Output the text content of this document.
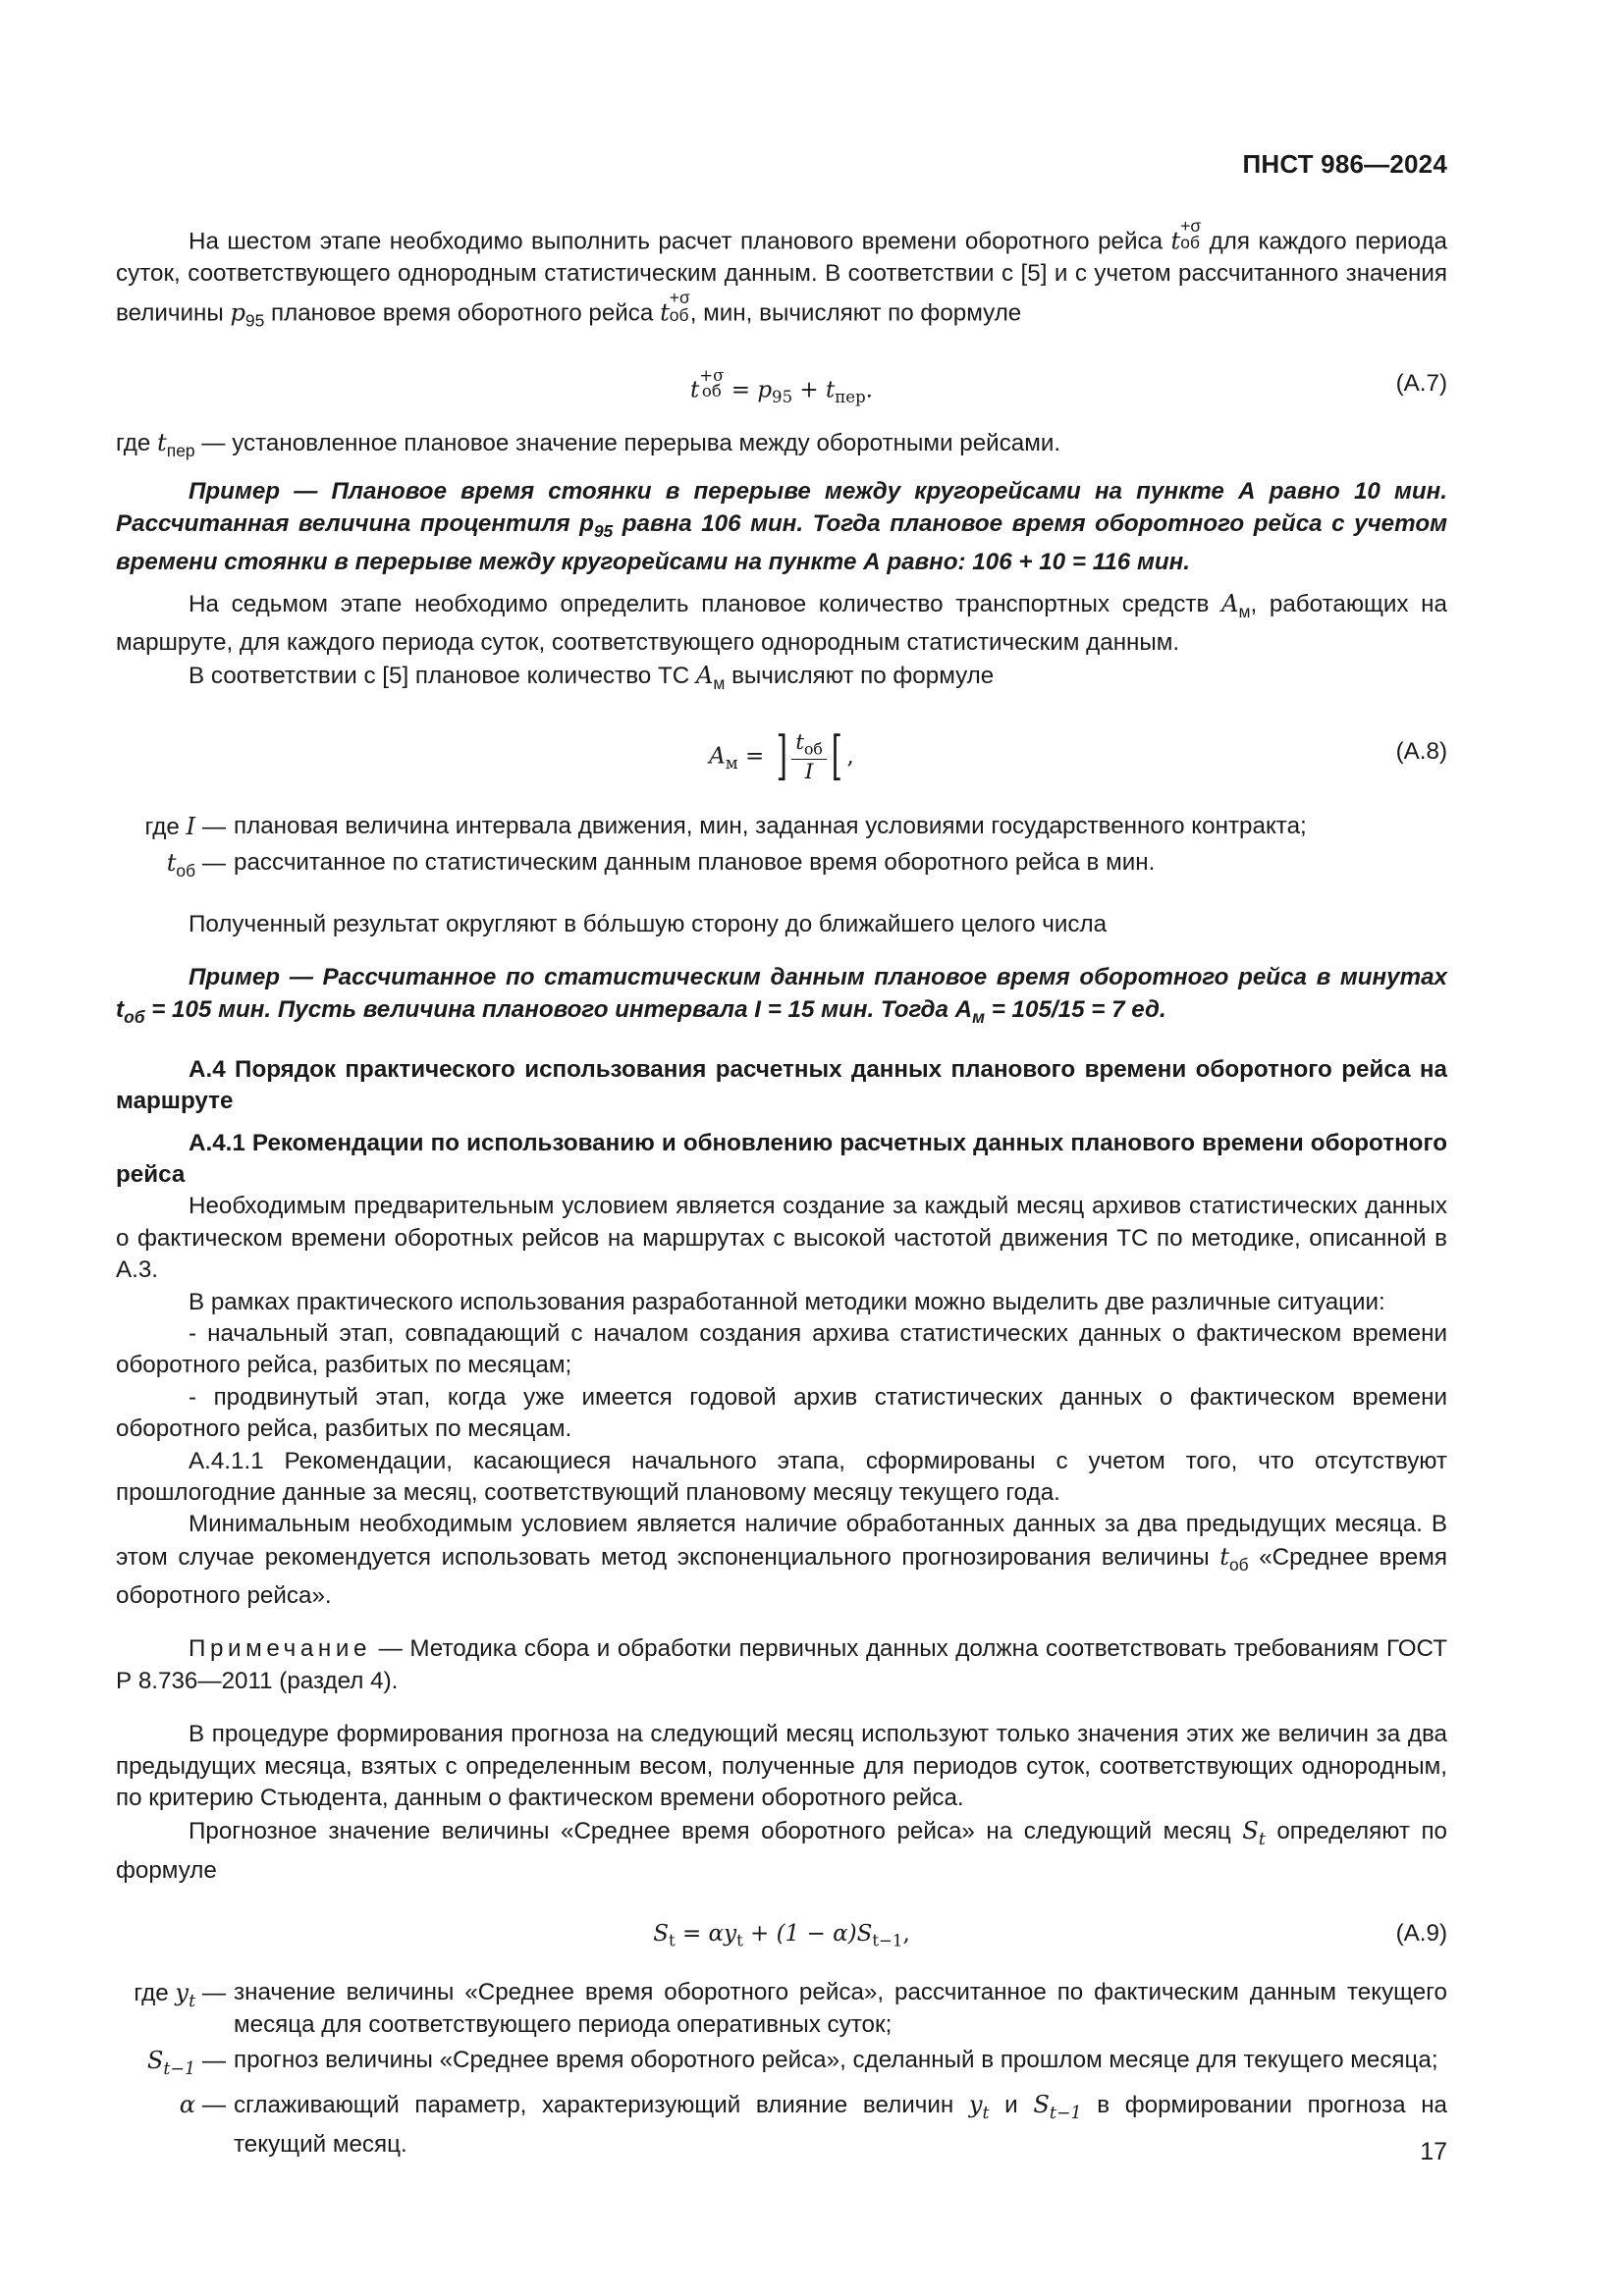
ПНСТ 986—2024

На шестом этапе необходимо выполнить расчет планового времени оборотного рейса t
+σ
об для каждого периода суток, соответствующего однородным статистическим данным. В соответствии с [5] и с учетом рассчитанного значения величины $p_{95}$ плановое время оборотного рейса t
+σ
об , мин, вычисляют по формуле

t
+σ
об = $p_{95} + t_{пер}$.	(А.7)

где $t_{пер}$ — установленное плановое значение перерыва между оборотными рейсами.

Пример — Плановое время стоянки в перерыве между кругорейсами на пункте А равно 10 мин. Рассчитанная величина процентиля $p_{95}$ равна 106 мин. Тогда плановое время оборотного рейса с учетом времени стоянки в перерыве между кругорейсами на пункте А равно: 106 + 10 = 116 мин.

На седьмом этапе необходимо определить плановое количество транспортных средств $A_м$, работающих на маршруте, для каждого периода суток, соответствующего однородным статистическим данным.

В соответствии с [5] плановое количество ТС $A_м$ вычисляют по формуле

$A_м$ = ] $\frac{t_{об}}{I}$ [ ,	(А.8)
где I — плановая величина интервала движения, мин, заданная условиями государственного контракта;
$t_{об}$ — рассчитанное по статистическим данным плановое время оборотного рейса в мин.

Полученный результат округляют в бо́льшую сторону до ближайшего целого числа

Пример — Рассчитанное по статистическим данным плановое время оборотного рейса в минутах $t_{об} = 105$ мин. Пусть величина планового интервала I = 15 мин. Тогда $A_м = 105/15 = 7$ ед.

А.4 Порядок практического использования расчетных данных планового времени оборотного рейса на маршруте

А.4.1 Рекомендации по использованию и обновлению расчетных данных планового времени оборотного рейса

Необходимым предварительным условием является создание за каждый месяц архивов статистических данных о фактическом времени оборотных рейсов на маршрутах с высокой частотой движения ТС по методике, описанной в А.3.

В рамках практического использования разработанной методики можно выделить две различные ситуации:

- начальный этап, совпадающий с началом создания архива статистических данных о фактическом времени оборотного рейса, разбитых по месяцам;

- продвинутый этап, когда уже имеется годовой архив статистических данных о фактическом времени оборотного рейса, разбитых по месяцам.

А.4.1.1 Рекомендации, касающиеся начального этапа, сформированы с учетом того, что отсутствуют прошлогодние данные за месяц, соответствующий плановому месяцу текущего года.

Минимальным необходимым условием является наличие обработанных данных за два предыдущих месяца. В этом случае рекомендуется использовать метод экспоненциального прогнозирования величины $t_{об}$ «Среднее время оборотного рейса».

Примечание — Методика сбора и обработки первичных данных должна соответствовать требованиям ГОСТ Р 8.736—2011 (раздел 4).

В процедуре формирования прогноза на следующий месяц используют только значения этих же величин за два предыдущих месяца, взятых с определенным весом, полученные для периодов суток, соответствующих однородным, по критерию Стьюдента, данным о фактическом времени оборотного рейса.

Прогнозное значение величины «Среднее время оборотного рейса» на следующий месяц $S_t$ определяют по формуле

$S_t = \alpha y_t + (1 - \alpha)S_{t-1}$,	(А.9)
где $y_t$ — значение величины «Среднее время оборотного рейса», рассчитанное по фактическим данным текущего месяца для соответствующего периода оперативных суток;
$S_{t-1}$ — прогноз величины «Среднее время оборотного рейса», сделанный в прошлом месяце для текущего месяца;
α — сглаживающий параметр, характеризующий влияние величин $y_t$ и $S_{t-1}$ в формировании прогноза на текущий месяц.	17
